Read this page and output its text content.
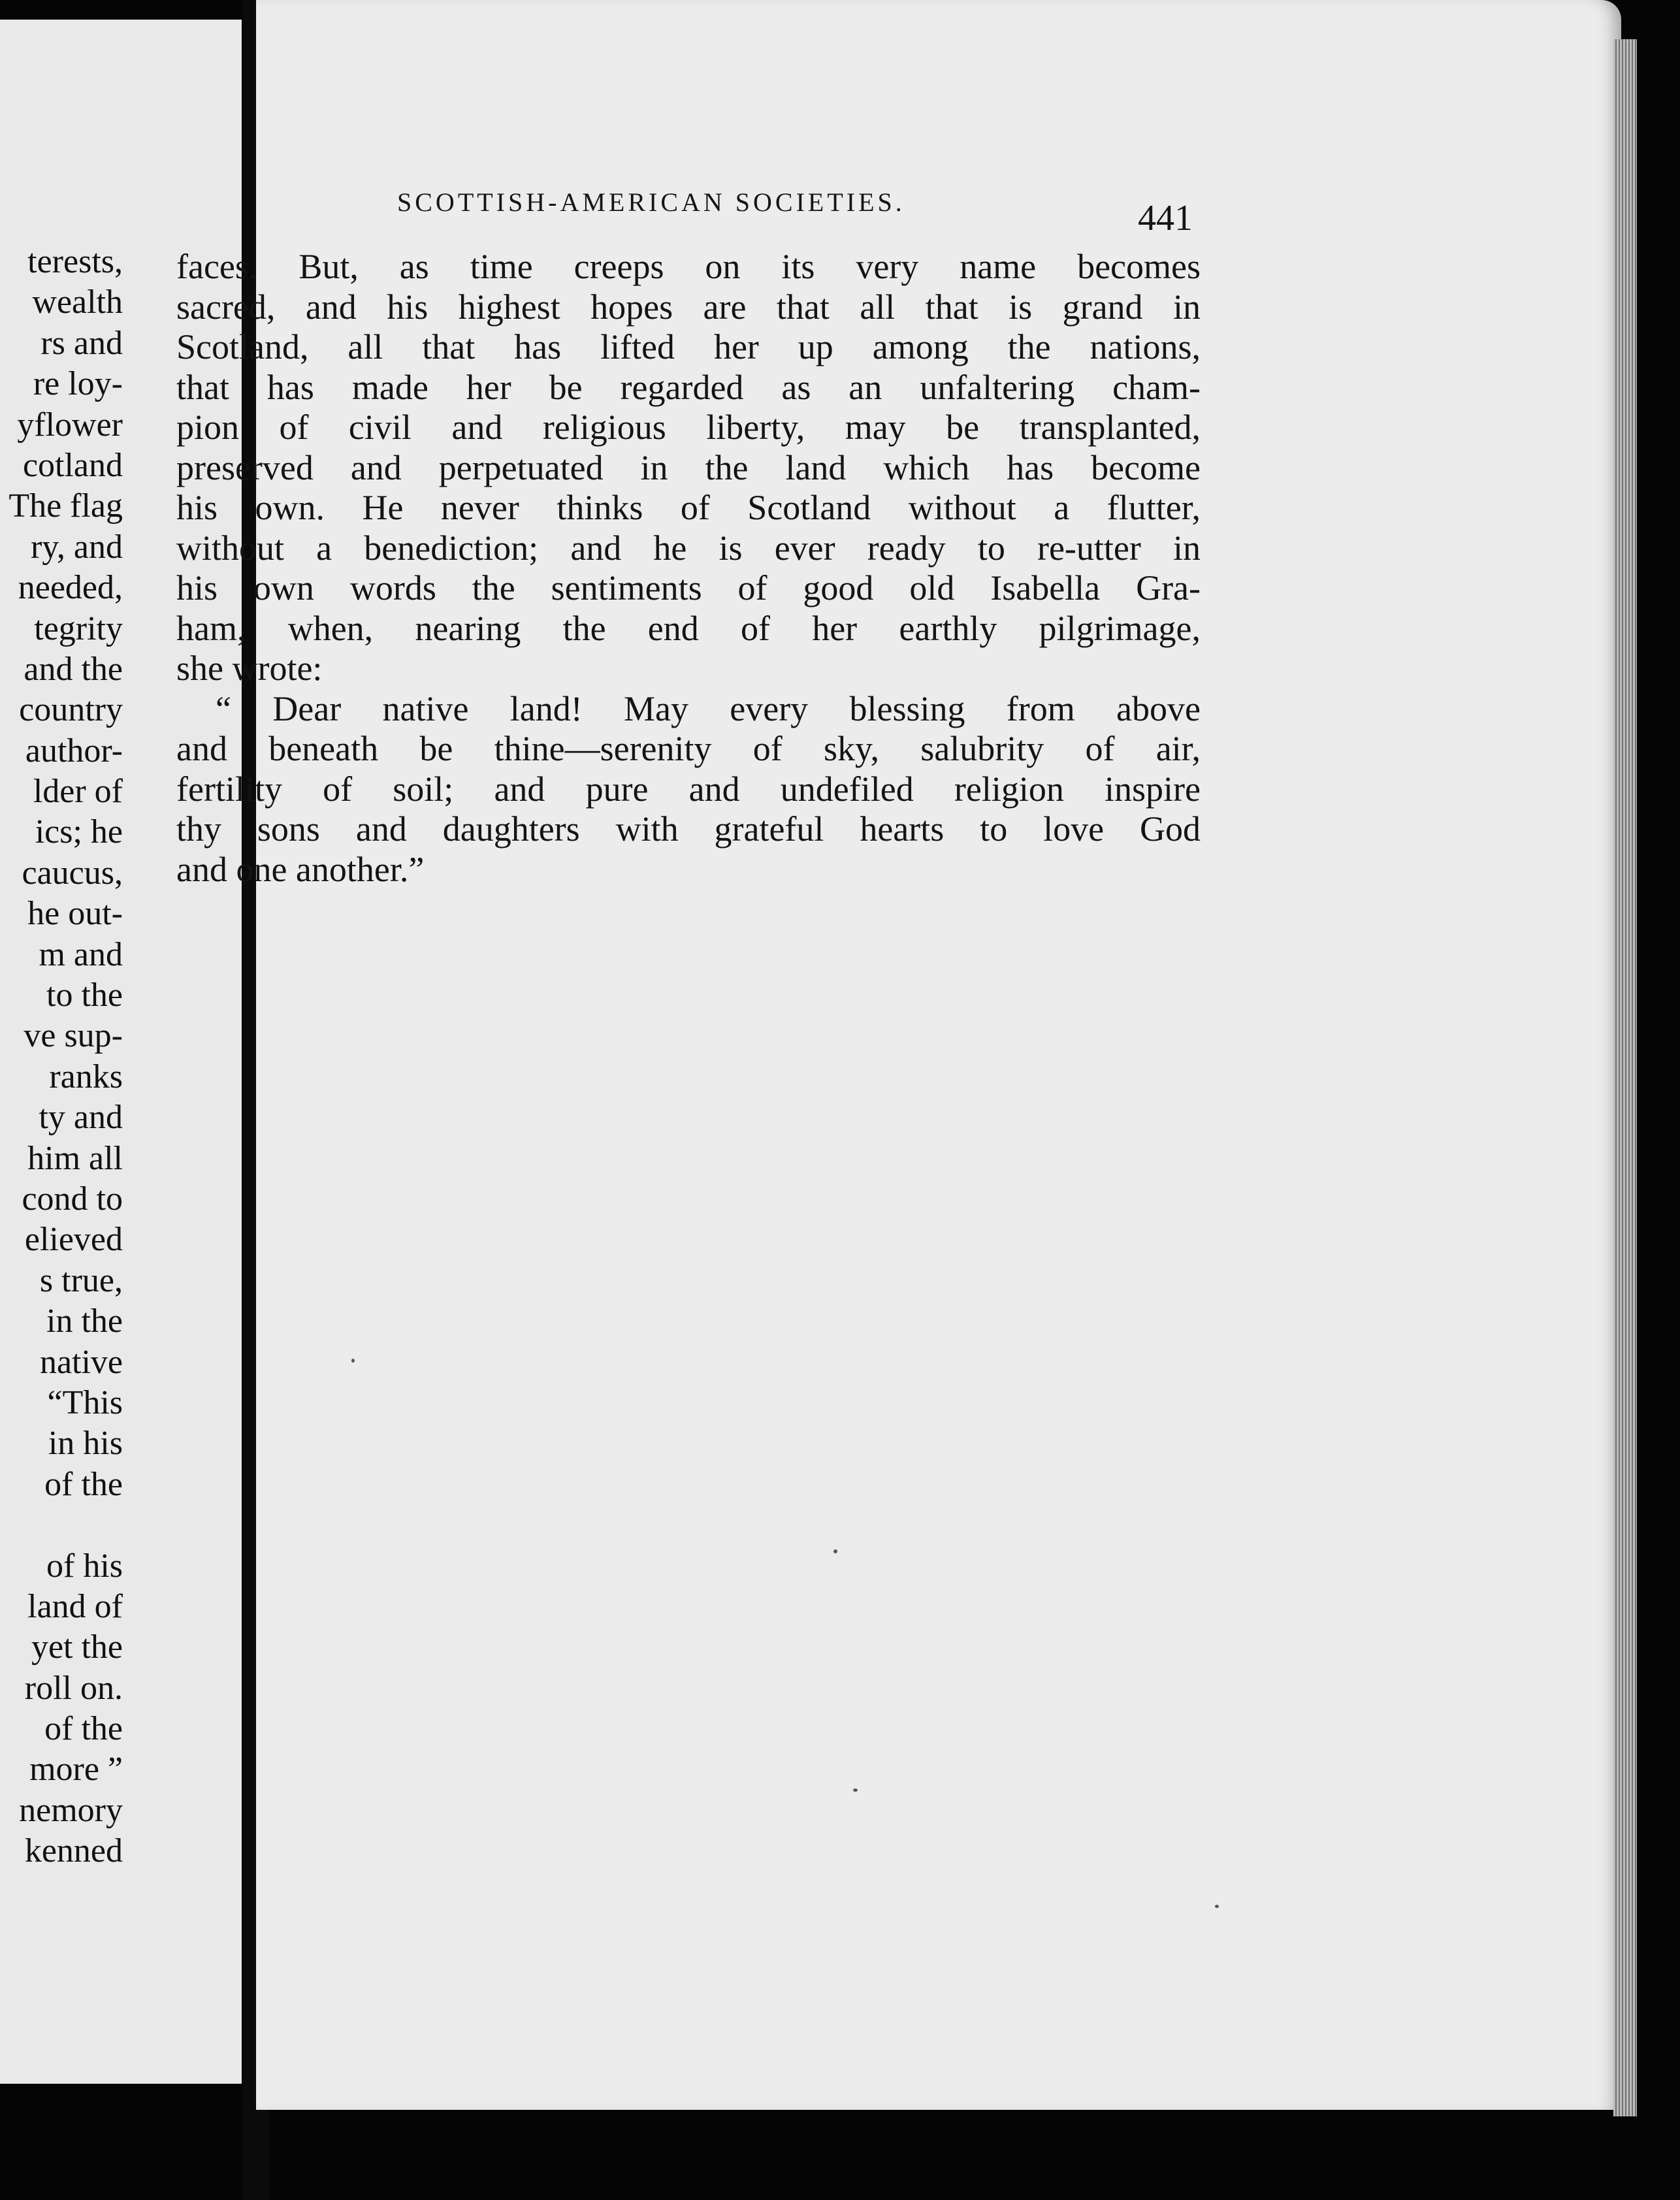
terests,
wealth
rs and
re loy-
yflower
cotland
The flag
ry, and
needed,
tegrity
and the
country
author-
lder of
ics; he
caucus,
he out-
m and
to the
ve sup-
ranks
ty and
him all
cond to
elieved
s true,
in the
native
“This
in his
of the
of his
land of
yet the
roll on.
of the
more ”
nemory
kenned
SCOTTISH-AMERICAN SOCIETIES.	441
faces. But, as time creeps on its very name becomes
sacred, and his highest hopes are that all that is grand in
Scotland, all that has lifted her up among the nations,
that has made her be regarded as an unfaltering cham-
pion of civil and religious liberty, may be transplanted,
preserved and perpetuated in the land which has become
his own. He never thinks of Scotland without a flutter,
without a benediction; and he is ever ready to re-utter in
his own words the sentiments of good old Isabella Gra-
ham, when, nearing the end of her earthly pilgrimage,
she wrote:
“ Dear native land! May every blessing from above
and beneath be thine—serenity of sky, salubrity of air,
fertility of soil; and pure and undefiled religion inspire
thy sons and daughters with grateful hearts to love God
and one another.”
